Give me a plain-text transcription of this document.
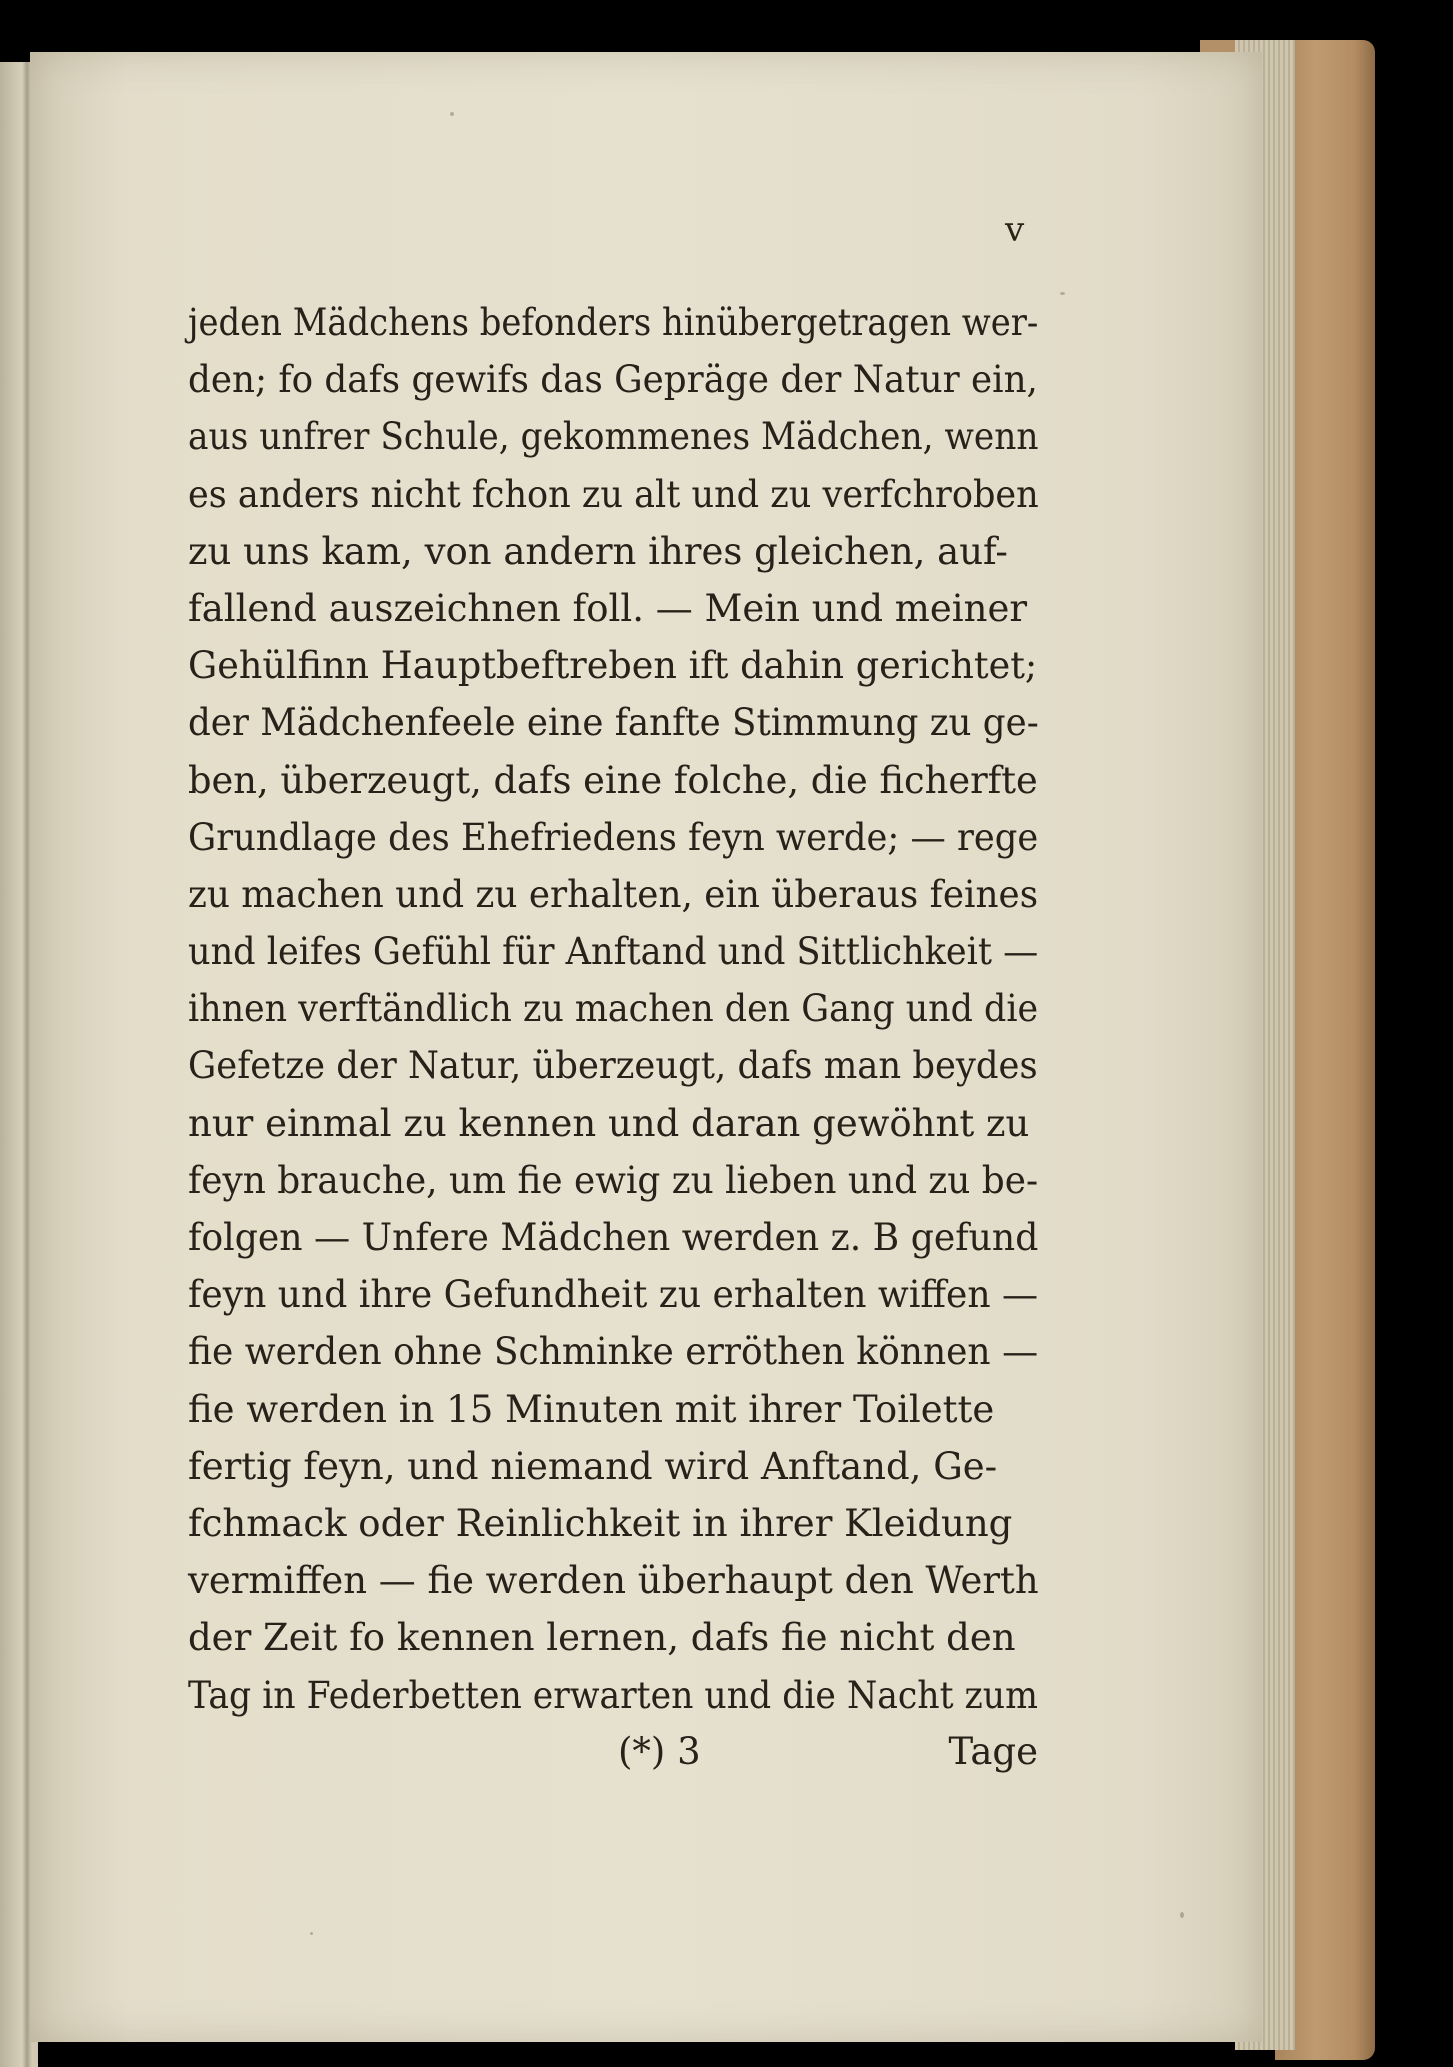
v
jeden Mädchens befonders hinübergetragen wer-
den; fo dafs gewifs das Gepräge der Natur ein,
aus unfrer Schule, gekommenes Mädchen, wenn
es anders nicht fchon zu alt und zu verfchroben
zu uns kam, von andern ihres gleichen, auf-
fallend auszeichnen foll. — Mein und meiner
Gehülfinn Hauptbeftreben ift dahin gerichtet;
der Mädchenfeele eine fanfte Stimmung zu ge-
ben, überzeugt, dafs eine folche, die ficherfte
Grundlage des Ehefriedens feyn werde; — rege
zu machen und zu erhalten, ein überaus feines
und leifes Gefühl für Anftand und Sittlichkeit —
ihnen verftändlich zu machen den Gang und die
Gefetze der Natur, überzeugt, dafs man beydes
nur einmal zu kennen und daran gewöhnt zu
feyn brauche, um fie ewig zu lieben und zu be-
folgen — Unfere Mädchen werden z. B gefund
feyn und ihre Gefundheit zu erhalten wiffen —
fie werden ohne Schminke erröthen können —
fie werden in 15 Minuten mit ihrer Toilette
fertig feyn, und niemand wird Anftand, Ge-
fchmack oder Reinlichkeit in ihrer Kleidung
vermiffen — fie werden überhaupt den Werth
der Zeit fo kennen lernen, dafs fie nicht den
Tag in Federbetten erwarten und die Nacht zum
(*) 3	Tage
